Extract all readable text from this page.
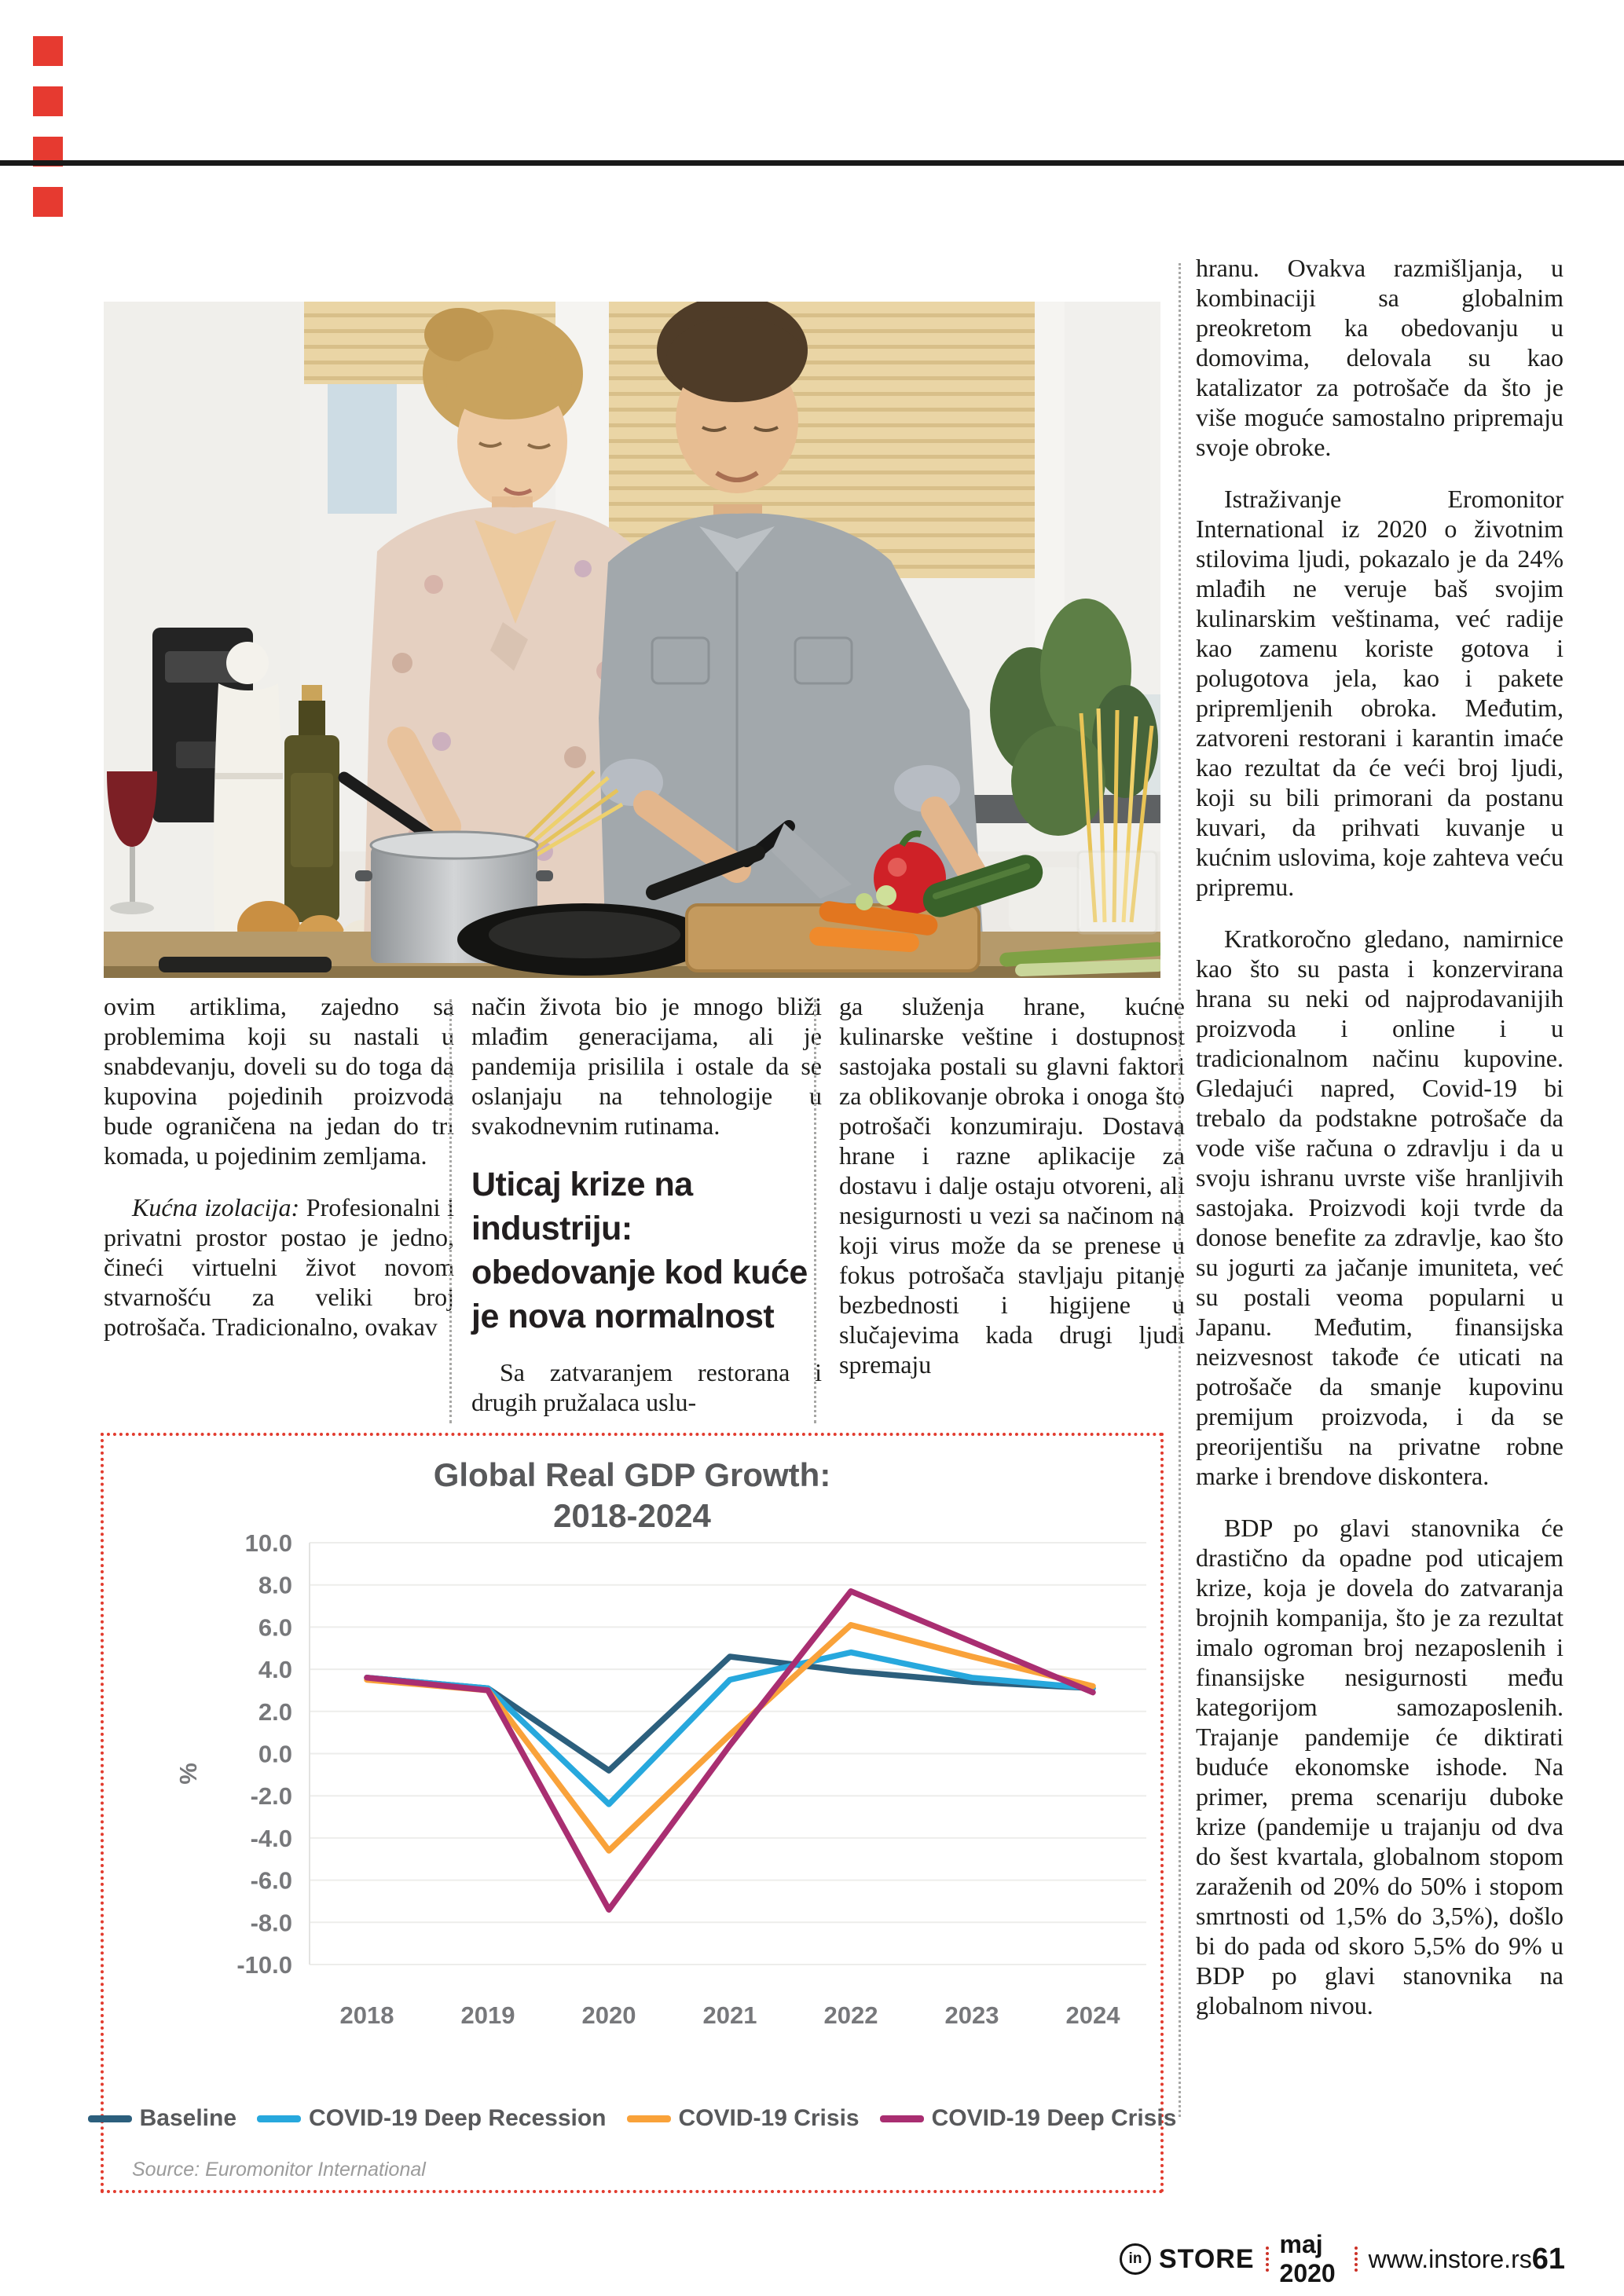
ovim artiklima, zajedno sa problemima koji su nastali u snabdevanju, doveli su do toga da kupovina pojedinih proizvoda bude ograničena na jedan do tri komada, u pojedinim zemljama.

Kućna izolacija: Profesionalni i privatni prostor postao je jedno, čineći virtuelni život novom stvarnošću za veliki broj potrošača. Tradicionalno, ovakav

način života bio je mnogo bliži mlađim generacijama, ali je pandemija prisilila i ostale da se oslanjaju na tehnologije u svakodnevnim rutinama.

Uticaj krize na industriju: obedovanje kod kuće je nova normalnost

Sa zatvaranjem restorana i drugih pružalaca uslu-

ga služenja hrane, kućne kulinarske veštine i dostupnost sastojaka postali su glavni faktori za oblikovanje obroka i onoga što potrošači konzumiraju. Dostava hrane i razne aplikacije za dostavu i dalje ostaju otvoreni, ali nesigurnosti u vezi sa načinom na koji virus može da se prenese u fokus potrošača stavljaju pitanje bezbednosti i higijene u slučajevima kada drugi ljudi spremaju

hranu. Ovakva razmišljanja, u kombinaciji sa globalnim preokretom ka obedovanju u domovima, delovala su kao katalizator za potrošače da što je više moguće samostalno pripremaju svoje obroke.

Istraživanje Eromonitor International iz 2020 o životnim stilovima ljudi, pokazalo je da 24% mlađih ne veruje baš svojim kulinarskim veštinama, već radije kao zamenu koriste gotova i polugotova jela, kao i pakete pripremljenih obroka. Međutim, zatvoreni restorani i karantin imaće kao rezultat da će veći broj ljudi, koji su bili primorani da postanu kuvari, da prihvati kuvanje u kućnim uslovima, koje zahteva veću pripremu.

Kratkoročno gledano, namirnice kao što su pasta i konzervirana hrana su neki od najprodavanijih proizvoda i online i u tradicionalnom načinu kupovine. Gledajući napred, Covid-19 bi trebalo da podstakne potrošače da vode više računa o zdravlju i da u svoju ishranu uvrste više hranljivih sastojaka. Proizvodi koji tvrde da donose benefite za zdravlje, kao što su jogurti za jačanje imuniteta, već su postali veoma popularni u Japanu. Međutim, finansijska neizvesnost takođe će uticati na potrošače da smanje kupovinu premijum proizvoda, i da se preorijentišu na privatne robne marke i brendove diskontera.

BDP po glavi stanovnika će drastično da opadne pod uticajem krize, koja je dovela do zatvaranja brojnih kompanija, što je za rezultat imalo ogroman broj nezaposlenih i finansijske nesigurnosti među kategorijom samozaposlenih. Trajanje pandemije će diktirati buduće ekonomske ishode. Na primer, prema scenariju duboke krize (pandemije u trajanju od dva do šest kvartala, globalnom stopom zaraženih od 20% do 50% i stopom smrtnosti od 1,5% do 3,5%), došlo bi do pada od skoro 5,5% do 9% u BDP po glavi stanovnika na globalnom nivou.

Global Real GDP Growth:
2018-2024
10.0
8.0
6.0
4.0
2.0
0.0
-2.0
-4.0
-6.0
-8.0
-10.0
2018	2019	2020	2021	2022	2023	2024
%
Baseline	COVID-19 Deep Recession	COVID-19 Crisis	COVID-19 Deep Crisis
Source: Euromonitor International
in STORE maj 2020
www.instore.rs 61
